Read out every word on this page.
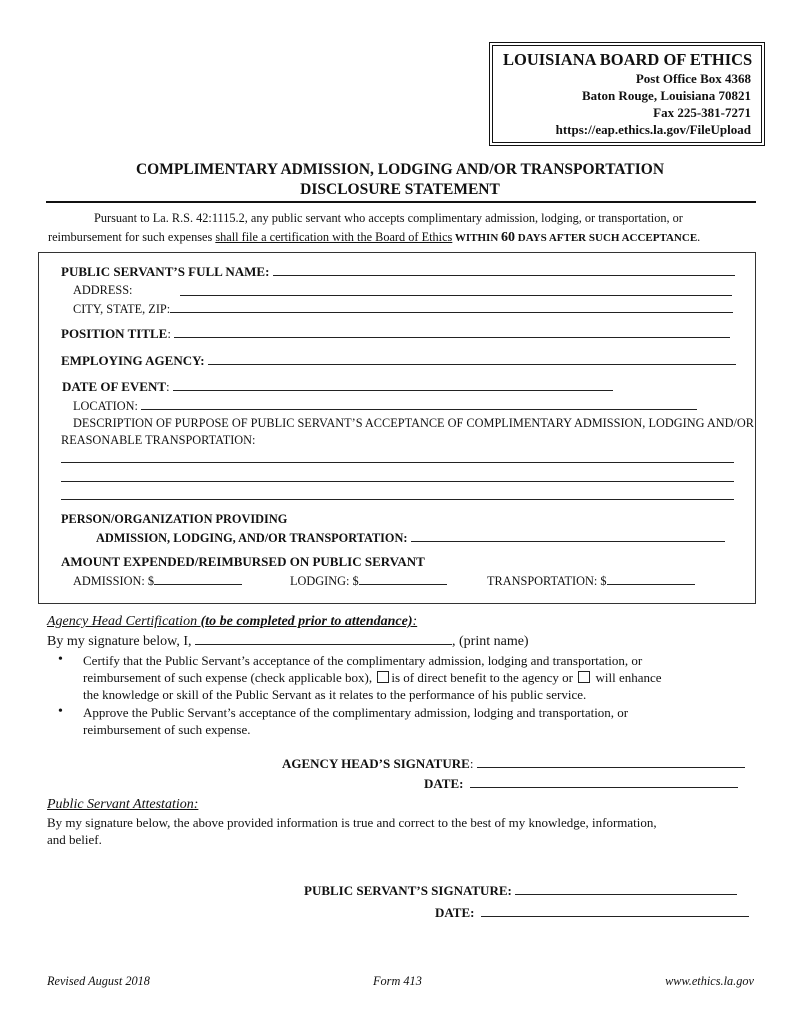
LOUISIANA BOARD OF ETHICS
Post Office Box 4368
Baton Rouge, Louisiana 70821
Fax 225-381-7271
https://eap.ethics.la.gov/FileUpload
COMPLIMENTARY ADMISSION, LODGING AND/OR TRANSPORTATION
DISCLOSURE STATEMENT
Pursuant to La. R.S. 42:1115.2, any public servant who accepts complimentary admission, lodging, or transportation, or
reimbursement for such expenses shall file a certification with the Board of Ethics WITHIN 60 DAYS AFTER SUCH ACCEPTANCE.
PUBLIC SERVANT’S FULL NAME:
ADDRESS:
CITY, STATE, ZIP:
POSITION TITLE:
EMPLOYING AGENCY:
DATE OF EVENT:
LOCATION:
DESCRIPTION OF PURPOSE OF PUBLIC SERVANT’S ACCEPTANCE OF COMPLIMENTARY ADMISSION, LODGING AND/OR
REASONABLE TRANSPORTATION:
PERSON/ORGANIZATION PROVIDING
ADMISSION, LODGING, AND/OR TRANSPORTATION:
AMOUNT EXPENDED/REIMBURSED ON PUBLIC SERVANT
ADMISSION: $	LODGING: $	TRANSPORTATION: $
Agency Head Certification (to be completed prior to attendance):
By my signature below, I,	, (print name)
• Certify that the Public Servant’s acceptance of the complimentary admission, lodging and transportation, or
reimbursement of such expense (check applicable box), is of direct benefit to the agency or  will enhance
the knowledge or skill of the Public Servant as it relates to the performance of his public service.
• Approve the Public Servant’s acceptance of the complimentary admission, lodging and transportation, or
reimbursement of such expense.
AGENCY HEAD’S SIGNATURE:
DATE:
Public Servant Attestation:
By my signature below, the above provided information is true and correct to the best of my knowledge, information,
and belief.
PUBLIC SERVANT’S SIGNATURE:
DATE:
Revised August 2018	Form 413	www.ethics.la.gov
